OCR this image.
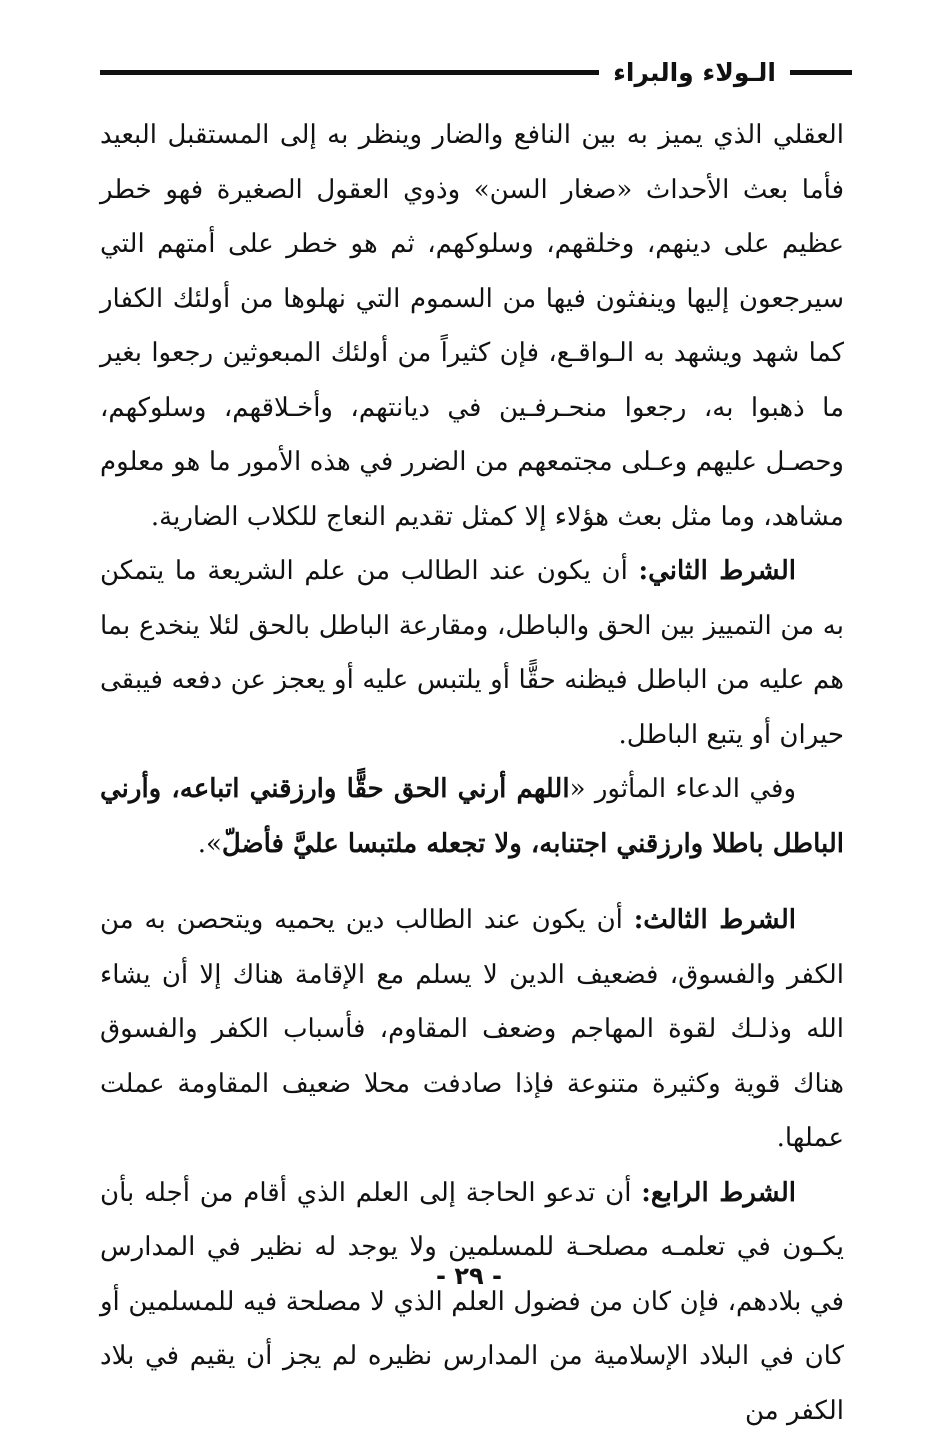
الـولاء والبراء

العقلي الذي يميز به بين النافع والضار وينظر به إلى المستقبل البعيد فأما بعث الأحداث «صغار السن» وذوي العقول الصغيرة فهو خطر عظيم على دينهم، وخلقهم، وسلوكهم، ثم هو خطر على أمتهم التي سيرجعون إليها وينفثون فيها من السموم التي نهلوها من أولئك الكفار كما شهد ويشهد به الـواقـع، فإن كثيراً من أولئك المبعوثين رجعوا بغير ما ذهبوا به، رجعوا منحـرفـين في ديانتهم، وأخـلاقهم، وسلوكهم، وحصـل عليهم وعـلى مجتمعهم من الضرر في هذه الأمور ما هو معلوم مشاهد، وما مثل بعث هؤلاء إلا كمثل تقديم النعاج للكلاب الضارية.

الشرط الثاني: أن يكون عند الطالب من علم الشريعة ما يتمكن به من التمييز بين الحق والباطل، ومقارعة الباطل بالحق لئلا ينخدع بما هم عليه من الباطل فيظنه حقًّا أو يلتبس عليه أو يعجز عن دفعه فيبقى حيران أو يتبع الباطل.

وفي الدعاء المأثور «اللهم أرني الحق حقًّا وارزقني اتباعه، وأرني الباطل باطلا وارزقني اجتنابه، ولا تجعله ملتبسا عليَّ فأضلّ».

الشرط الثالث: أن يكون عند الطالب دين يحميه ويتحصن به من الكفر والفسوق، فضعيف الدين لا يسلم مع الإقامة هناك إلا أن يشاء الله وذلـك لقوة المهاجم وضعف المقاوم، فأسباب الكفر والفسوق هناك قوية وكثيرة متنوعة فإذا صادفت محلا ضعيف المقاومة عملت عملها.

الشرط الرابع: أن تدعو الحاجة إلى العلم الذي أقام من أجله بأن يكـون في تعلمـه مصلحـة للمسلمين ولا يوجد له نظير في المدارس في بلادهم، فإن كان من فضول العلم الذي لا مصلحة فيه للمسلمين أو كان في البلاد الإسلامية من المدارس نظيره لم يجز أن يقيم في بلاد الكفر من

- ٢٩ -
